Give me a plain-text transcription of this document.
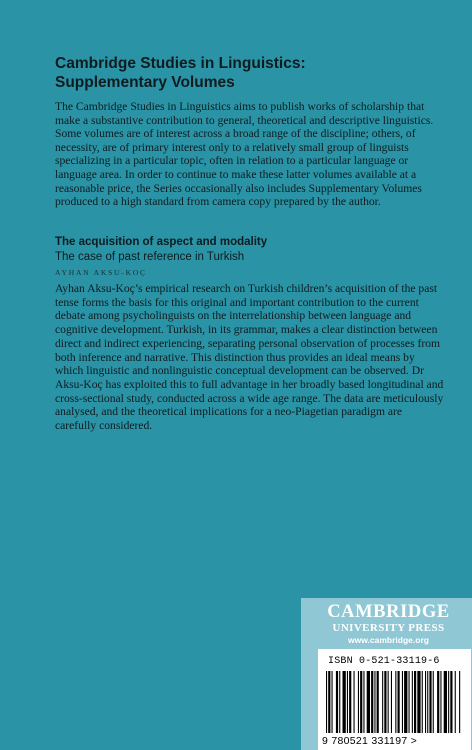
Cambridge Studies in Linguistics:
Supplementary Volumes

The Cambridge Studies in Linguistics aims to publish works of scholarship that make a substantive contribution to general, theoretical and descriptive linguistics. Some volumes are of interest across a broad range of the discipline; others, of necessity, are of primary interest only to a relatively small group of linguists specializing in a particular topic, often in relation to a particular language or language area. In order to continue to make these latter volumes available at a reasonable price, the Series occasionally also includes Supplementary Volumes produced to a high standard from camera copy prepared by the author.

The acquisition of aspect and modality

The case of past reference in Turkish

AYHAN AKSU-KOÇ

Ayhan Aksu-Koç’s empirical research on Turkish children’s acquisition of the past tense forms the basis for this original and important contribution to the current debate among psycholinguists on the interrelationship between language and cognitive development. Turkish, in its grammar, makes a clear distinction between direct and indirect experiencing, separating personal observation of processes from both inference and narrative. This distinction thus provides an ideal means by which linguistic and nonlinguistic conceptual development can be observed. Dr Aksu-Koç has exploited this to full advantage in her broadly based longitudinal and cross-sectional study, conducted across a wide age range. The data are meticulously analysed, and the theoretical implications for a neo-Piagetian paradigm are carefully considered.

CAMBRIDGE

UNIVERSITY PRESS

www.cambridge.org

ISBN 0-521-33119-6

9 780521 331197 >
